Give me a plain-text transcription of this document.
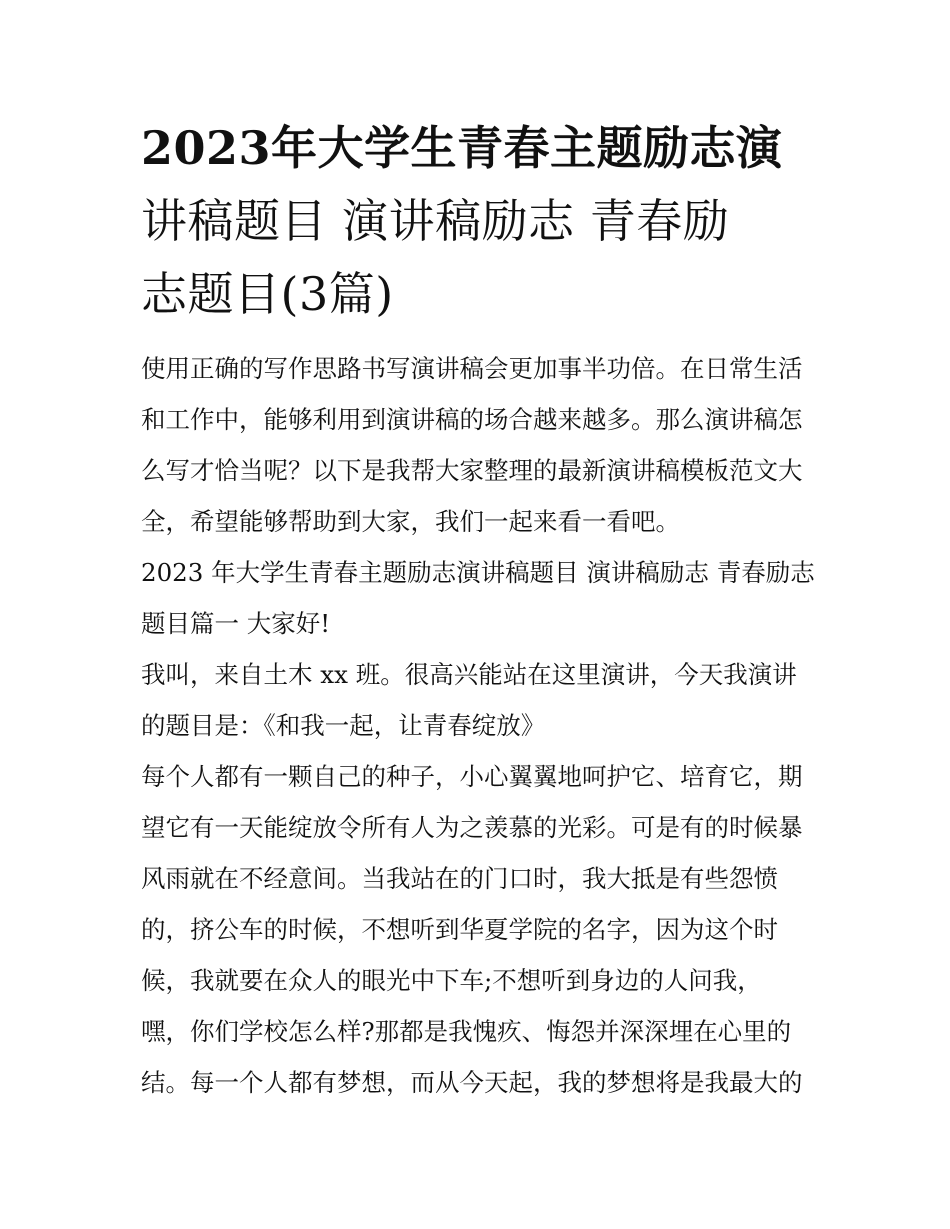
2023年大学生青春主题励志演
讲稿题目 演讲稿励志 青春励
志题目(3篇)

使用正确的写作思路书写演讲稿会更加事半功倍。在日常生活
和工作中，能够利用到演讲稿的场合越来越多。那么演讲稿怎
么写才恰当呢？以下是我帮大家整理的最新演讲稿模板范文大
全，希望能够帮助到大家，我们一起来看一看吧。

2023 年大学生青春主题励志演讲稿题目 演讲稿励志 青春励志
题目篇一 大家好!

我叫，来自土木 xx 班。很高兴能站在这里演讲，今天我演讲
的题目是：《和我一起，让青春绽放》

每个人都有一颗自己的种子，小心翼翼地呵护它、培育它，期
望它有一天能绽放令所有人为之羡慕的光彩。可是有的时候暴
风雨就在不经意间。当我站在的门口时，我大抵是有些怨愤
的，挤公车的时候，不想听到华夏学院的名字，因为这个时
候，我就要在众人的眼光中下车;不想听到身边的人问我，
嘿，你们学校怎么样?那都是我愧疚、悔怨并深深埋在心里的
结。每一个人都有梦想，而从今天起，我的梦想将是我最大的
